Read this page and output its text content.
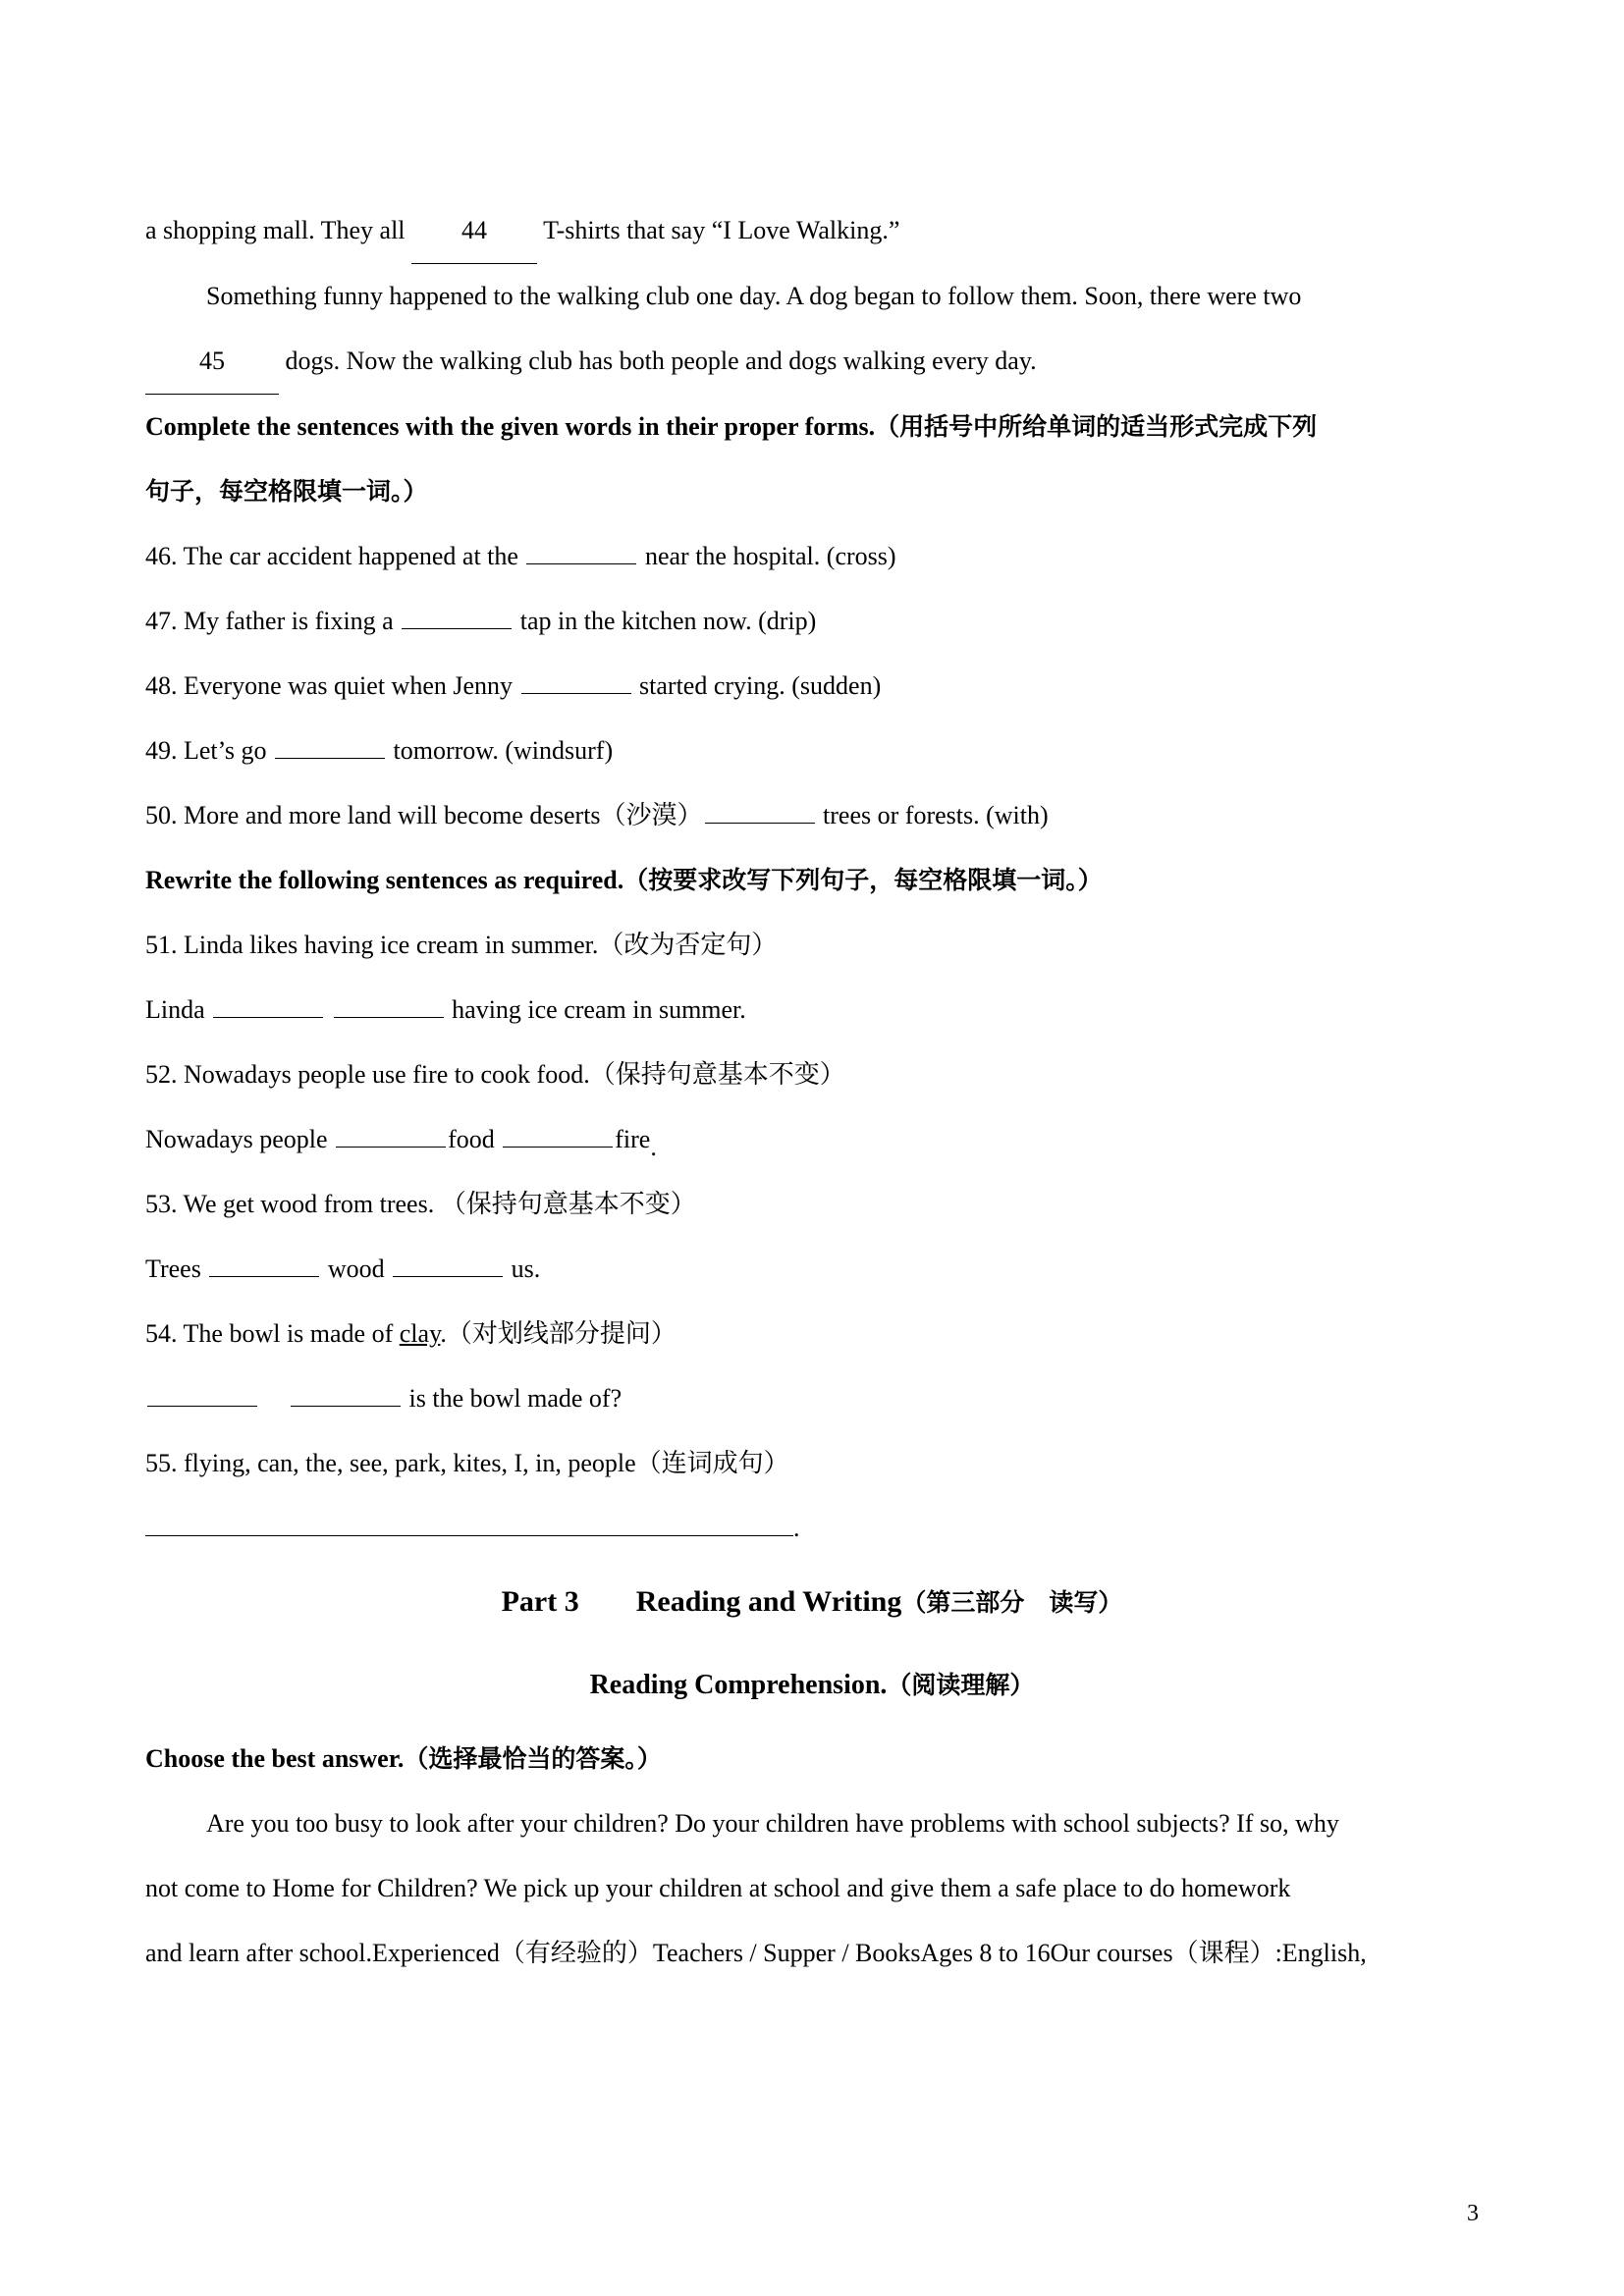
a shopping mall. They all 44 T-shirts that say “I Love Walking.”

Something funny happened to the walking club one day. A dog began to follow them. Soon, there were two

45 dogs. Now the walking club has both people and dogs walking every day.

Complete the sentences with the given words in their proper forms.（用括号中所给单词的适当形式完成下列

句子，每空格限填一词。）

46. The car accident happened at the	near the hospital. (cross)

47. My father is fixing a	tap in the kitchen now. (drip)

48. Everyone was quiet when Jenny	started crying. (sudden)

49. Let’s go	tomorrow. (windsurf)

50. More and more land will become deserts（沙漠）	trees or forests. (with)

Rewrite the following sentences as required.（按要求改写下列句子，每空格限填一词。）

51. Linda likes having ice cream in summer.（改为否定句）

Linda	having ice cream in summer.

52. Nowadays people use fire to cook food.（保持句意基本不变）

Nowadays people	food	fire.

53. We get wood from trees. （保持句意基本不变）

Trees	wood	us.

54. The bowl is made of clay.（对划线部分提问）

is the bowl made of?

55. flying, can, the, see, park, kites, I, in, people（连词成句）

.

Part 3 Reading and Writing（第三部分　读写）

Reading Comprehension.（阅读理解）

Choose the best answer.（选择最恰当的答案。）

Are you too busy to look after your children? Do your children have problems with school subjects? If so, why

not come to Home for Children? We pick up your children at school and give them a safe place to do homework

and learn after school.Experienced（有经验的）Teachers / Supper / BooksAges 8 to 16Our courses（课程）:English,

3
